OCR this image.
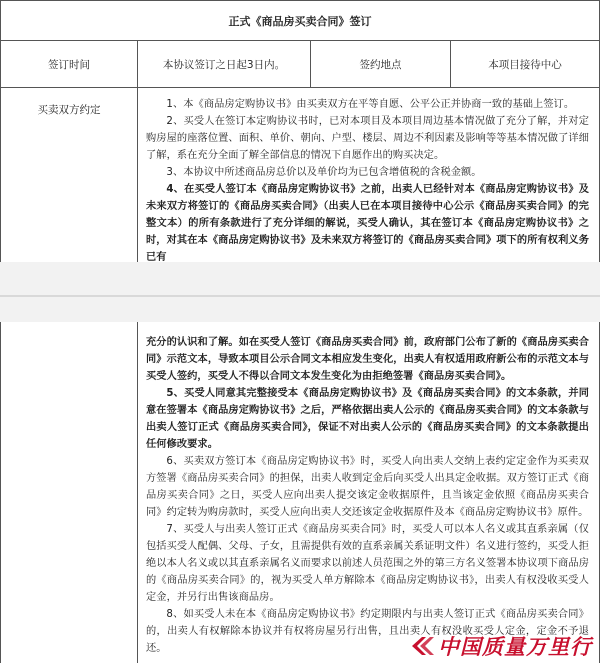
正式《商品房买卖合同》签订			
签订时间	本协议签订之日起3日内。	签约地点	本项目接待中心
买卖双方约定	1、本《商品房定购协议书》由买卖双方在平等自愿、公平公正并协商一致的基础上签订。

2、买受人在签订本定购协议书时，已对本项目及本项目周边基本情况做了充分了解，并对定购房屋的座落位置、面积、单价、朝向、户型、楼层、周边不利因素及影响等等基本情况做了详细了解，系在充分全面了解全部信息的情况下自愿作出的购买决定。

3、本协议中所述商品房总价以及单价均为已包含增值税的含税金额。

4、在买受人签订本《商品房定购协议书》之前，出卖人已经针对本《商品房定购协议书》及未来双方将签订的《商品房买卖合同》（出卖人已在本项目接待中心公示《商品房买卖合同》的完整文本）的所有条款进行了充分详细的解说，买受人确认，其在签订本《商品房定购协议书》之时，对其在本《商品房定购协议书》及未来双方将签订的《商品房买卖合同》项下的所有权利义务已有		

充分的认识和了解。如在买受人签订《商品房买卖合同》前，政府部门公布了新的《商品房买卖合同》示范文本，导致本项目公示合同文本相应发生变化，出卖人有权适用政府新公布的示范文本与买受人签约，买受人不得以合同文本发生变化为由拒绝签署《商品房买卖合同》。

5、买受人同意其完整接受本《商品房定购协议书》及《商品房买卖合同》的文本条款，并同意在签署本《商品房定购协议书》之后，严格依据出卖人公示的《商品房买卖合同》的文本条款与出卖人签订正式《商品房买卖合同》，保证不对出卖人公示的《商品房买卖合同》的文本条款提出任何修改要求。

6、买卖双方签订本《商品房定购协议书》时，买受人向出卖人交纳上表约定定金作为买卖双方签署《商品房买卖合同》的担保，出卖人收到定金后向买受人出具定金收据。双方签订正式《商品房买卖合同》之日，买受人应向出卖人提交该定金收据原件，且当该定金依照《商品房买卖合同》约定转为购房款时，买受人应向出卖人交还该定金收据原件及本《商品房定购协议书》原件。

7、买受人与出卖人签订正式《商品房买卖合同》时，买受人可以本人名义或其直系亲属（仅包括买受人配偶、父母、子女，且需提供有效的直系亲属关系证明文件）名义进行签约，买受人拒绝以本人名义或以其直系亲属名义而要求以前述人员范围之外的第三方名义签署本协议项下商品房的《商品房买卖合同》的，视为买受人单方解除本《商品房定购协议书》，出卖人有权没收买受人定金，并另行出售该商品房。

8、如买受人未在本《商品房定购协议书》约定期限内与出卖人签订正式《商品房买卖合同》的，出卖人有权解除本协议并有权将房屋另行出售，且出卖人有权没收买受人定金，定金不予退还。	中国质量万里行
